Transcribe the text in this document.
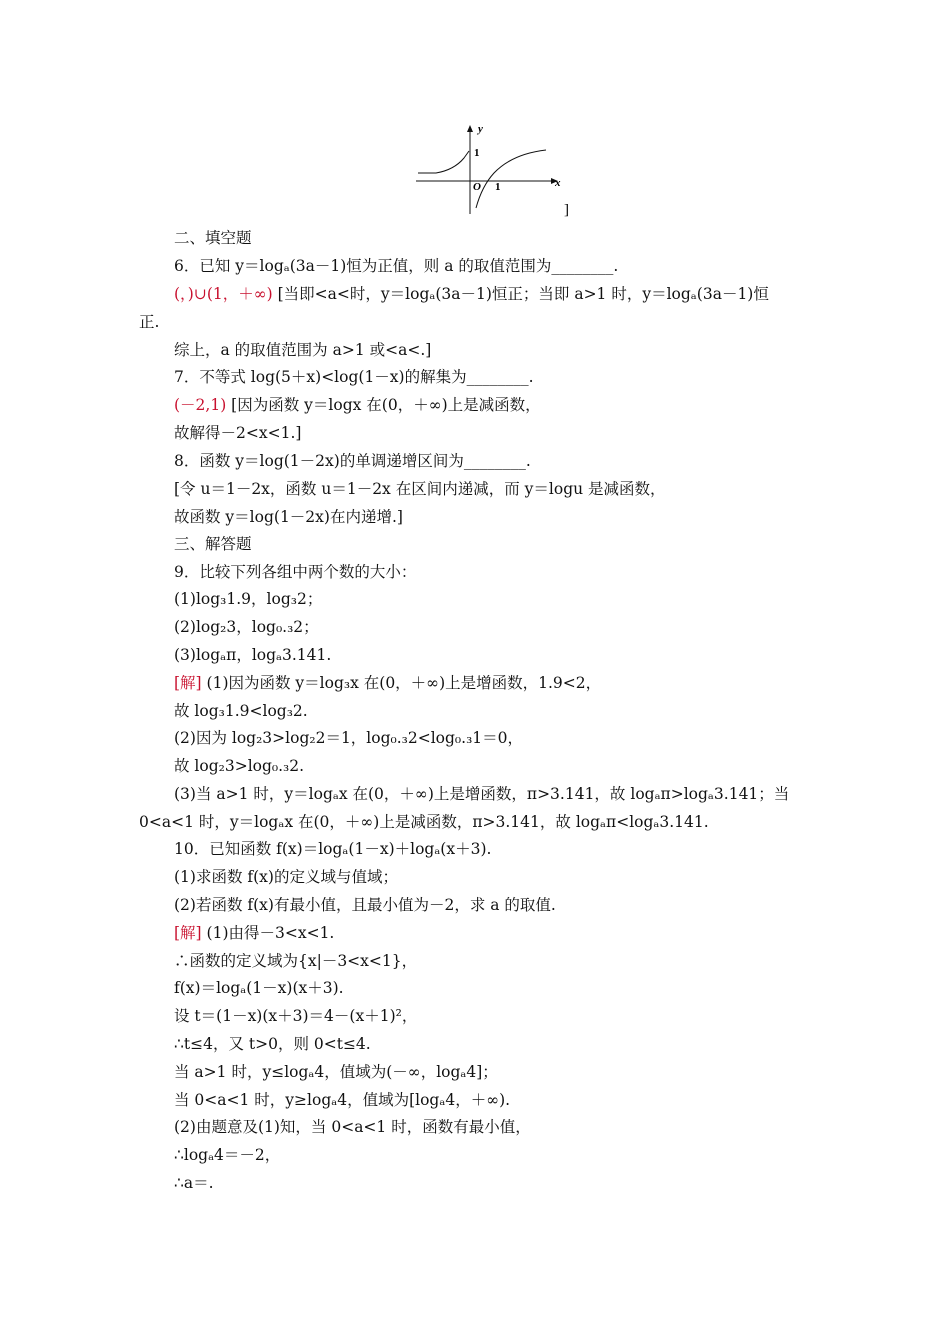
y
x
O
1
1
]
二、填空题
6．已知 y＝logₐ(3a－1)恒为正值，则 a 的取值范围为________.
(，)∪(1，＋∞) [当即<a<时，y＝logₐ(3a－1)恒正；当即 a>1 时，y＝logₐ(3a－1)恒
正.
综上，a 的取值范围为 a>1 或<a<.]
7．不等式 log(5＋x)<log(1－x)的解集为________.
(－2,1) [因为函数 y＝logx 在(0，＋∞)上是减函数，
故解得－2<x<1.]
8．函数 y＝log(1－2x)的单调递增区间为________.
[令 u＝1－2x，函数 u＝1－2x 在区间内递减，而 y＝logu 是减函数，
故函数 y＝log(1－2x)在内递增.]
三、解答题
9．比较下列各组中两个数的大小：
(1)log₃1.9，log₃2；
(2)log₂3，log₀.₃2；
(3)logₐπ，logₐ3.141.
[解] (1)因为函数 y＝log₃x 在(0，＋∞)上是增函数，1.9<2，
故 log₃1.9<log₃2.
(2)因为 log₂3>log₂2＝1，log₀.₃2<log₀.₃1＝0，
故 log₂3>log₀.₃2.
(3)当 a>1 时，y＝logₐx 在(0，＋∞)上是增函数，π>3.141，故 logₐπ>logₐ3.141；当
0<a<1 时，y＝logₐx 在(0，＋∞)上是减函数，π>3.141，故 logₐπ<logₐ3.141.
10．已知函数 f(x)＝logₐ(1－x)＋logₐ(x＋3).
(1)求函数 f(x)的定义域与值域；
(2)若函数 f(x)有最小值，且最小值为－2，求 a 的取值.
[解] (1)由得－3<x<1.
∴函数的定义域为{x|－3<x<1}，
f(x)＝logₐ(1－x)(x＋3).
设 t＝(1－x)(x＋3)＝4－(x＋1)²，
∴t≤4，又 t>0，则 0<t≤4.
当 a>1 时，y≤logₐ4，值域为(－∞，logₐ4]；
当 0<a<1 时，y≥logₐ4，值域为[logₐ4，＋∞).
(2)由题意及(1)知，当 0<a<1 时，函数有最小值，
∴logₐ4＝－2，
∴a＝.
